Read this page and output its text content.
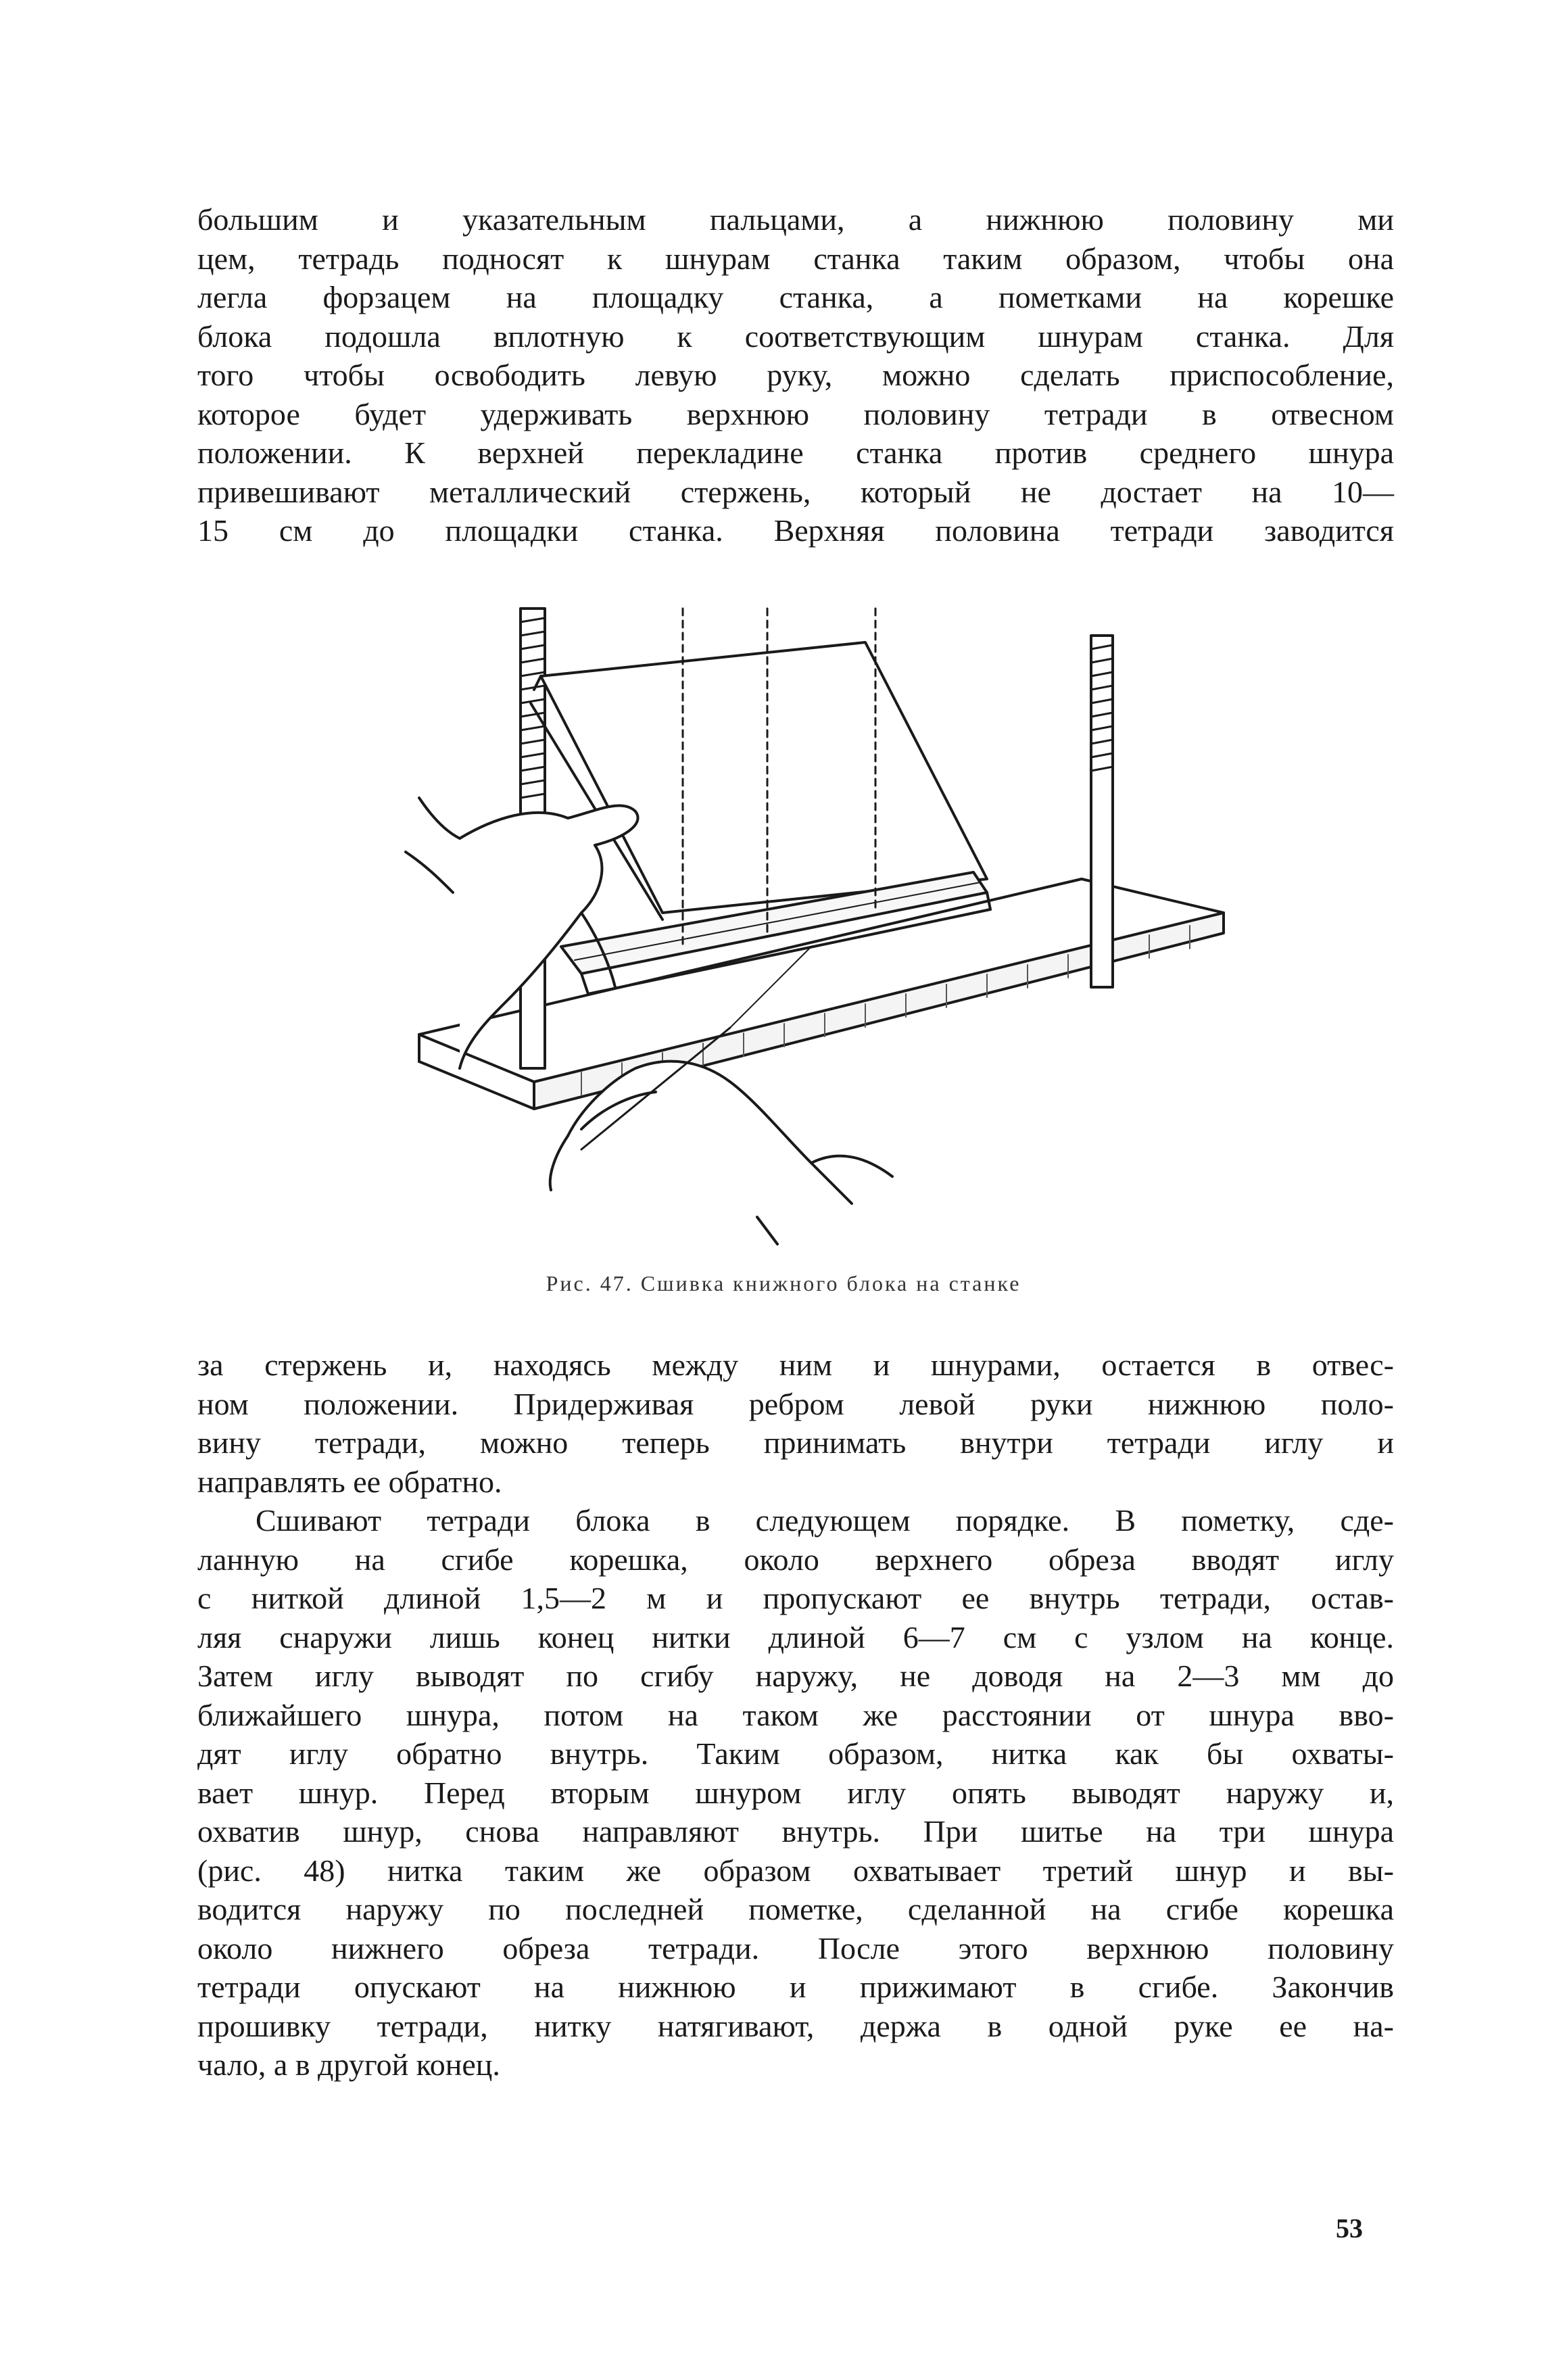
большим и указательным пальцами, а нижнюю половину ми
цем, тетрадь подносят к шнурам станка таким образом, чтобы она
легла форзацем на площадку станка, а пометками на корешке
блока подошла вплотную к соответствующим шнурам станка. Для
того чтобы освободить левую руку, можно сделать приспособление,
которое будет удерживать верхнюю половину тетради в отвесном
положении. К верхней перекладине станка против среднего шнура
привешивают металлический стержень, который не достает на 10—
15 см до площадки станка. Верхняя половина тетради заводится
Рис. 47. Сшивка книжного блока на станке
за стержень и, находясь между ним и шнурами, остается в отвес-
ном положении. Придерживая ребром левой руки нижнюю поло-
вину тетради, можно теперь принимать внутри тетради иглу и
направлять ее обратно.
Сшивают тетради блока в следующем порядке. В пометку, сде-
ланную на сгибе корешка, около верхнего обреза вводят иглу
с ниткой длиной 1,5—2 м и пропускают ее внутрь тетради, остав-
ляя снаружи лишь конец нитки длиной 6—7 см с узлом на конце.
Затем иглу выводят по сгибу наружу, не доводя на 2—3 мм до
ближайшего шнура, потом на таком же расстоянии от шнура вво-
дят иглу обратно внутрь. Таким образом, нитка как бы охваты-
вает шнур. Перед вторым шнуром иглу опять выводят наружу и,
охватив шнур, снова направляют внутрь. При шитье на три шнура
(рис. 48) нитка таким же образом охватывает третий шнур и вы-
водится наружу по последней пометке, сделанной на сгибе корешка
около нижнего обреза тетради. После этого верхнюю половину
тетради опускают на нижнюю и прижимают в сгибе. Закончив
прошивку тетради, нитку натягивают, держа в одной руке ее на-
чало, а в другой конец.
53
